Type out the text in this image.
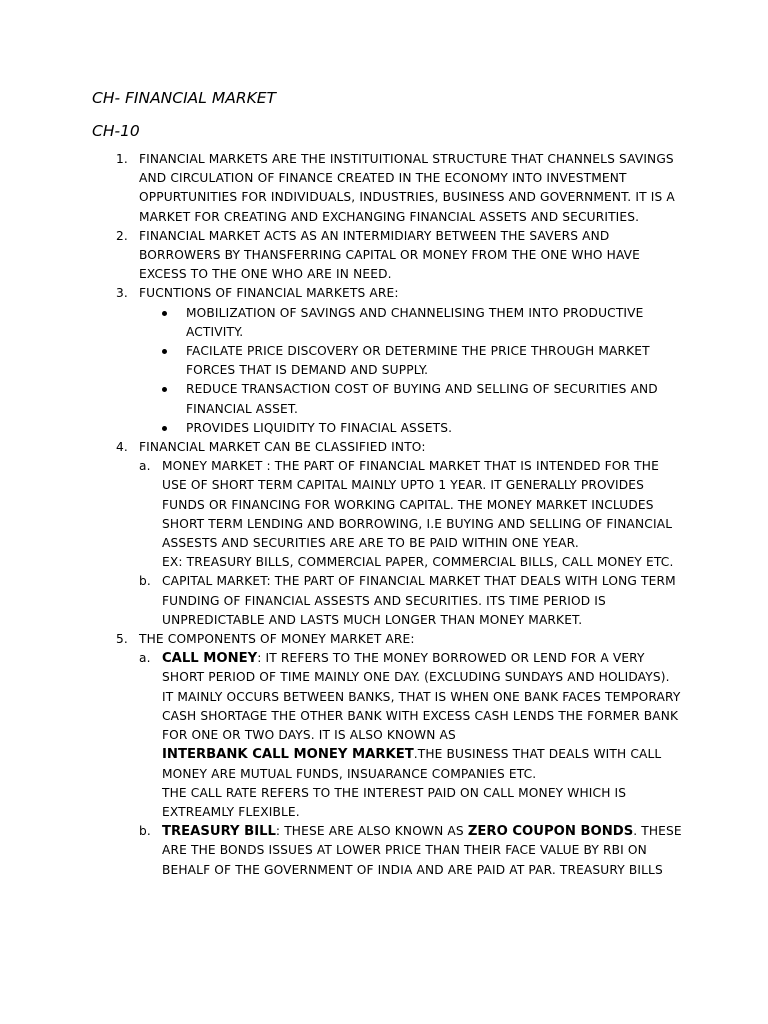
CH- FINANCIAL MARKET
CH-10
1. FINANCIAL MARKETS ARE THE INSTITUITIONAL STRUCTURE THAT CHANNELS SAVINGS AND CIRCULATION OF FINANCE CREATED IN THE ECONOMY INTO INVESTMENT OPPURTUNITIES FOR INDIVIDUALS, INDUSTRIES, BUSINESS AND GOVERNMENT. IT IS A MARKET FOR CREATING AND EXCHANGING FINANCIAL ASSETS AND SECURITIES.

2. FINANCIAL MARKET ACTS AS AN INTERMIDIARY BETWEEN THE SAVERS AND BORROWERS BY THANSFERRING CAPITAL OR MONEY FROM THE ONE WHO HAVE EXCESS TO THE ONE WHO ARE IN NEED.

3. FUCNTIONS OF FINANCIAL MARKETS ARE:

MOBILIZATION OF SAVINGS AND CHANNELISING THEM INTO PRODUCTIVE ACTIVITY.

FACILATE PRICE DISCOVERY OR DETERMINE THE PRICE THROUGH MARKET FORCES THAT IS DEMAND AND SUPPLY.

REDUCE TRANSACTION COST OF BUYING AND SELLING OF SECURITIES AND FINANCIAL ASSET.

PROVIDES LIQUIDITY TO FINACIAL ASSETS.

4. FINANCIAL MARKET CAN BE CLASSIFIED INTO:

a. MONEY MARKET : THE PART OF FINANCIAL MARKET THAT IS INTENDED FOR THE USE OF SHORT TERM CAPITAL MAINLY UPTO 1 YEAR. IT GENERALLY PROVIDES FUNDS OR FINANCING FOR WORKING CAPITAL. THE MONEY MARKET INCLUDES SHORT TERM LENDING AND BORROWING, I.E BUYING AND SELLING OF FINANCIAL ASSESTS AND SECURITIES ARE ARE TO BE PAID WITHIN ONE YEAR.

EX: TREASURY BILLS, COMMERCIAL PAPER, COMMERCIAL BILLS, CALL MONEY ETC.

b. CAPITAL MARKET: THE PART OF FINANCIAL MARKET THAT DEALS WITH LONG TERM FUNDING OF FINANCIAL ASSESTS AND SECURITIES. ITS TIME PERIOD IS UNPREDICTABLE AND LASTS MUCH LONGER THAN MONEY MARKET.

5. THE COMPONENTS OF MONEY MARKET ARE:

a. CALL MONEY: IT REFERS TO THE MONEY BORROWED OR LEND FOR A VERY SHORT PERIOD OF TIME MAINLY ONE DAY. (EXCLUDING SUNDAYS AND HOLIDAYS). IT MAINLY OCCURS BETWEEN BANKS, THAT IS WHEN ONE BANK FACES TEMPORARY CASH SHORTAGE THE OTHER BANK WITH EXCESS CASH LENDS THE FORMER BANK FOR ONE OR TWO DAYS. IT IS ALSO KNOWN AS
INTERBANK CALL MONEY MARKET.THE BUSINESS THAT DEALS WITH CALL MONEY ARE MUTUAL FUNDS, INSUARANCE COMPANIES ETC.

THE CALL RATE REFERS TO THE INTEREST PAID ON CALL MONEY WHICH IS EXTREAMLY FLEXIBLE.

b. TREASURY BILL: THESE ARE ALSO KNOWN AS ZERO COUPON BONDS. THESE ARE THE BONDS ISSUES AT LOWER PRICE THAN THEIR FACE VALUE BY RBI ON BEHALF OF THE GOVERNMENT OF INDIA AND ARE PAID AT PAR. TREASURY BILLS
